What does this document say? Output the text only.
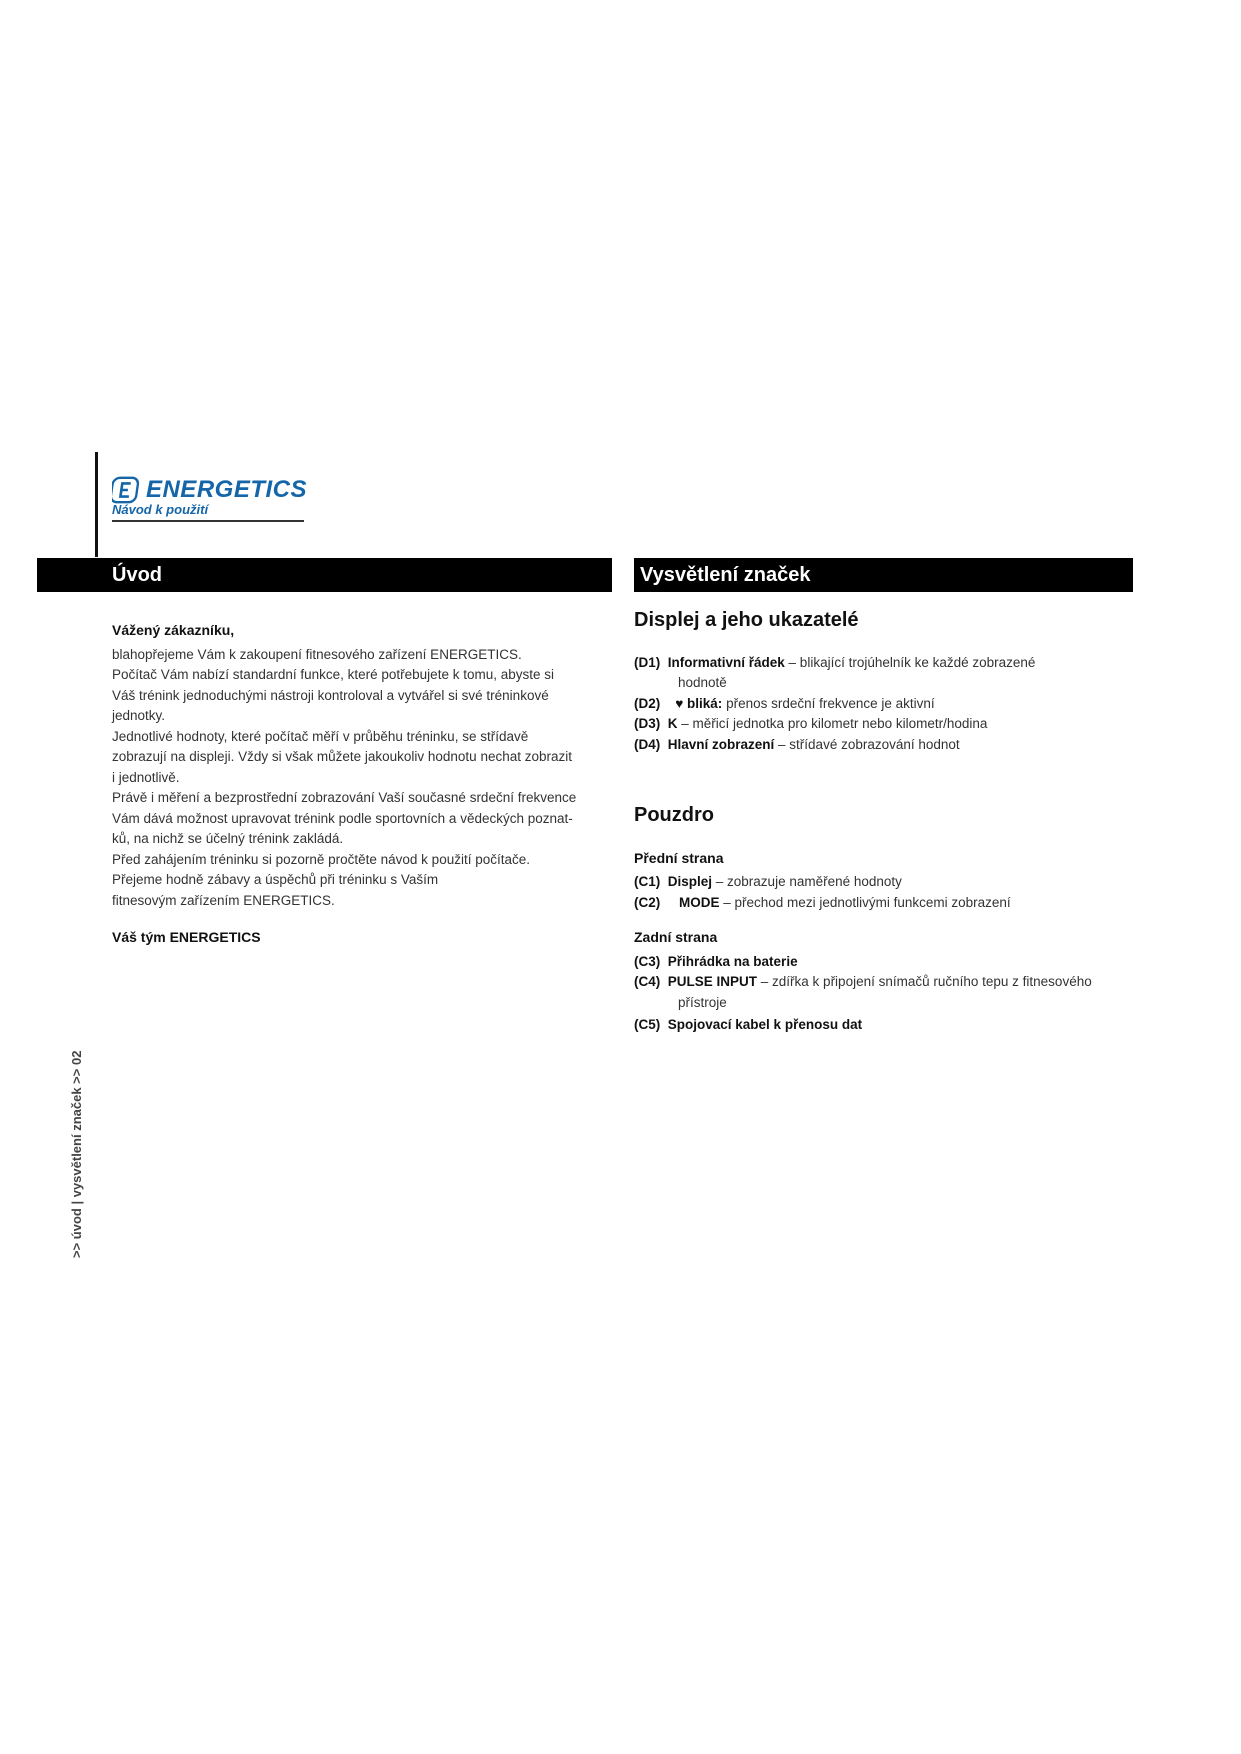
ENERGETICS
Návod k použití
Úvod	Vysvětlení značek

Vážený zákazníku,

blahopřejeme Vám k zakoupení fitnesového zařízení ENERGETICS.

Počítač Vám nabízí standardní funkce, které potřebujete k tomu, abyste si

Váš trénink jednoduchými nástroji kontroloval a vytvářel si své tréninkové

jednotky.

Jednotlivé hodnoty, které počítač měří v průběhu tréninku, se střídavě

zobrazují na displeji. Vždy si však můžete jakoukoliv hodnotu nechat zobrazit

i jednotlivě.

Právě i měření a bezprostřední zobrazování Vaší současné srdeční frekvence

Vám dává možnost upravovat trénink podle sportovních a vědeckých poznat-

ků, na nichž se účelný trénink zakládá.

Před zahájením tréninku si pozorně pročtěte návod k použití počítače.

Přejeme hodně zábavy a úspěchů při tréninku s Vaším

fitnesovým zařízením ENERGETICS.

Váš tým ENERGETICS

Displej a jeho ukazatelé

(D1) Informativní řádek – blikající trojúhelník ke každé zobrazené

hodnotě

(D2) ♥ bliká: přenos srdeční frekvence je aktivní

(D3) K – měřicí jednotka pro kilometr nebo kilometr/hodina

(D4) Hlavní zobrazení – střídavé zobrazování hodnot

Pouzdro

Přední strana

(C1) Displej – zobrazuje naměřené hodnoty

(C2) MODE – přechod mezi jednotlivými funkcemi zobrazení

Zadní strana

(C3) Přihrádka na baterie

(C4) PULSE INPUT – zdířka k připojení snímačů ručního tepu z fitnesového

přístroje

(C5) Spojovací kabel k přenosu dat

>> úvod | vysvětlení značek >> 02
